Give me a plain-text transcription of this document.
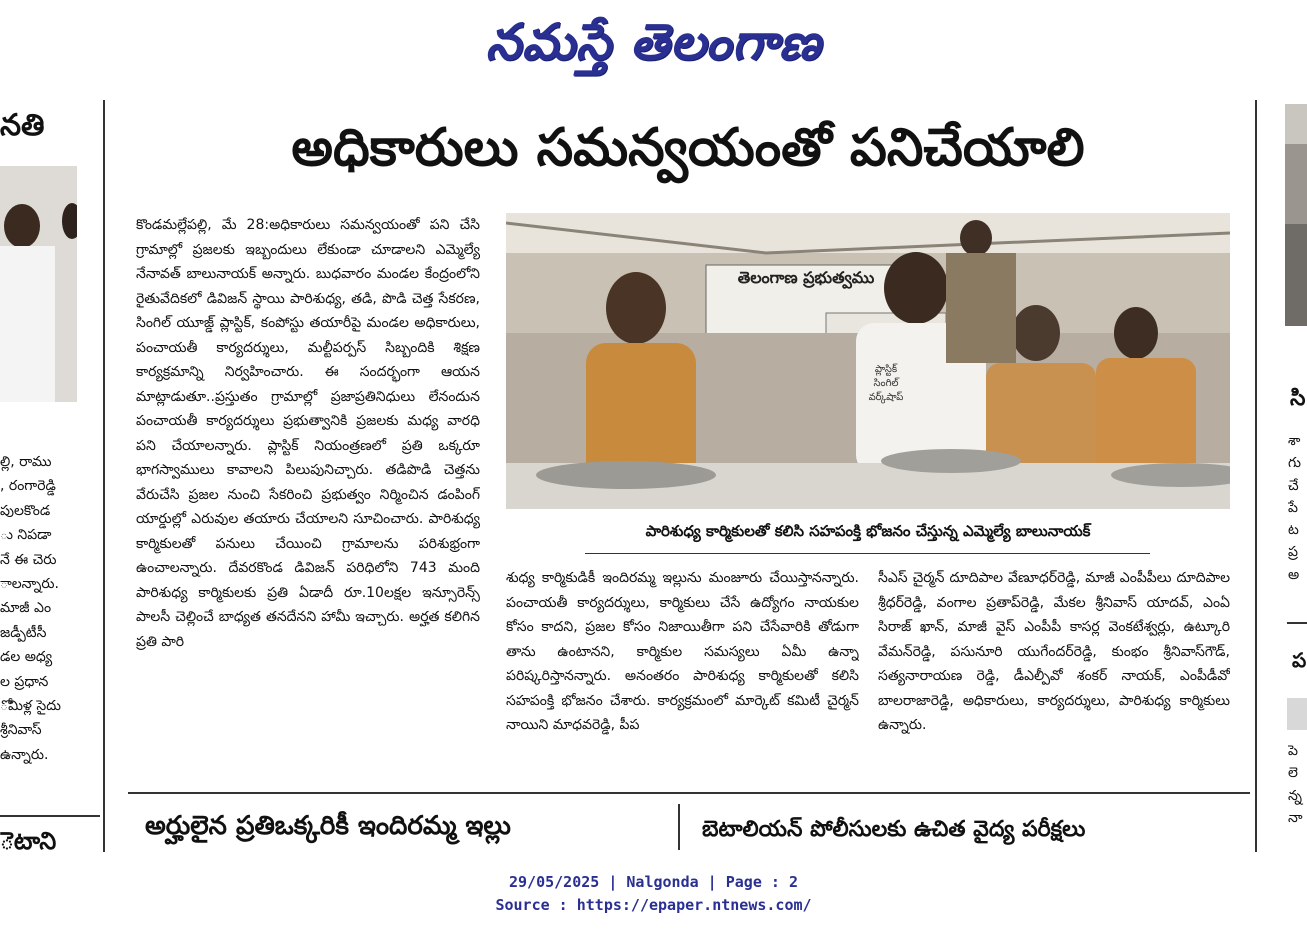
నమస్తే తెలంగాణ
నతి
ల్లి, రాము
, రంగారెడ్డి
పులకొండ
ు నిపడా
నే ఈ చెరు
ాలన్నారు.
మాజీ ఎం
జడ్పీటీసీ
డల అధ్య
ల ప్రధాన
ోమిళ్ల సైదు
శ్రీనివాస్
ఉన్నారు.
ెటాని
అధికారులు సమన్వయంతో పనిచేయాలి

కొండమల్లేపల్లి, మే 28:అధికారులు సమన్వయంతో పని చేసి గ్రామాల్లో ప్రజలకు ఇబ్బందులు లేకుండా చూడాలని ఎమ్మెల్యే నేనావత్ బాలునాయక్ అన్నారు. బుధవారం మండల కేంద్రంలోని రైతువేదికలో డివిజన్ స్థాయి పారిశుధ్య, తడి, పొడి చెత్త సేకరణ, సింగిల్ యూజ్డ్ ప్లాస్టిక్, కంపోస్టు తయారీపై మండల అధికారులు, పంచాయతీ కార్యదర్శులు, మల్టీపర్పస్ సిబ్బందికి శిక్షణ కార్యక్రమాన్ని నిర్వహించారు. ఈ సందర్భంగా ఆయన మాట్లాడుతూ..ప్రస్తుతం గ్రామాల్లో ప్రజాప్రతినిధులు లేనందున పంచాయతీ కార్యదర్శులు ప్రభుత్వానికి ప్రజలకు మధ్య వారధి పని చేయాలన్నారు. ప్లాస్టిక్ నియంత్రణలో ప్రతి ఒక్కరూ భాగస్వాములు కావాలని పిలుపునిచ్చారు. తడిపొడి చెత్తను వేరుచేసి ప్రజల నుంచి సేకరించి ప్రభుత్వం నిర్మించిన డంపింగ్ యార్డుల్లో ఎరువుల తయారు చేయాలని సూచించారు. పారిశుధ్య కార్మికులతో పనులు చేయించి గ్రామాలను పరిశుభ్రంగా ఉంచాలన్నారు. దేవరకొండ డివిజన్ పరిధిలోని 743 మంది పారిశుధ్య కార్మికులకు ప్రతి ఏడాదీ రూ.10లక్షల ఇన్సూరెన్స్ పాలసీ చెల్లించే బాధ్యత తనదేనని హామీ ఇచ్చారు. అర్హత కలిగిన ప్రతి పారి

తెలంగాణ ప్రభుత్వము
ప్లాస్టిక్
సింగిల్
వర్క్‌షాప్
పారిశుధ్య కార్మికులతో కలిసి సహపంక్తి భోజనం చేస్తున్న ఎమ్మెల్యే బాలునాయక్

శుధ్య కార్మికుడికీ ఇందిరమ్మ ఇల్లును మంజూరు చేయిస్తానన్నారు. పంచాయతీ కార్యదర్శులు, కార్మికులు చేసే ఉద్యోగం నాయకుల కోసం కాదని, ప్రజల కోసం నిజాయితీగా పని చేసేవారికి తోడుగా తాను ఉంటానని, కార్మికుల సమస్యలు ఏమీ ఉన్నా పరిష్కరిస్తానన్నారు. అనంతరం పారిశుధ్య కార్మికులతో కలిసి సహపంక్తి భోజనం చేశారు. కార్యక్రమంలో మార్కెట్ కమిటీ చైర్మన్ నాయిని మాధవరెడ్డి, పీప

సీఎస్ చైర్మన్ దూదిపాల వేణూధర్‌రెడ్డి, మాజీ ఎంపీపీలు దూదిపాల శ్రీధర్‌రెడ్డి, వంగాల ప్రతాప్‌రెడ్డి, మేకల శ్రీనివాస్ యాదవ్, ఎంఏ సిరాజ్ ఖాన్, మాజీ వైస్ ఎంపీపీ కాసర్ల వెంకటేశ్వర్లు, ఉట్కూరి వేమన్‌రెడ్డి, పసునూరి యుగేందర్‌రెడ్డి, కుంభం శ్రీనివాస్‌గౌడ్, సత్యనారాయణ రెడ్డి, డీఎల్పీవో శంకర్ నాయక్, ఎంపీడీవో బాలరాజారెడ్డి, అధికారులు, కార్యదర్శులు, పారిశుధ్య కార్మికులు ఉన్నారు.

అర్హులైన ప్రతిఒక్కరికీ ఇందిరమ్మ ఇల్లు	బెటాలియన్ పోలీసులకు ఉచిత వైద్య పరీక్షలు
సి
శా
గు
చే
పే
ట
ప్ర
అ
ప
పె
లె
న్న
నా
29/05/2025 | Nalgonda | Page : 2
Source : https://epaper.ntnews.com/
